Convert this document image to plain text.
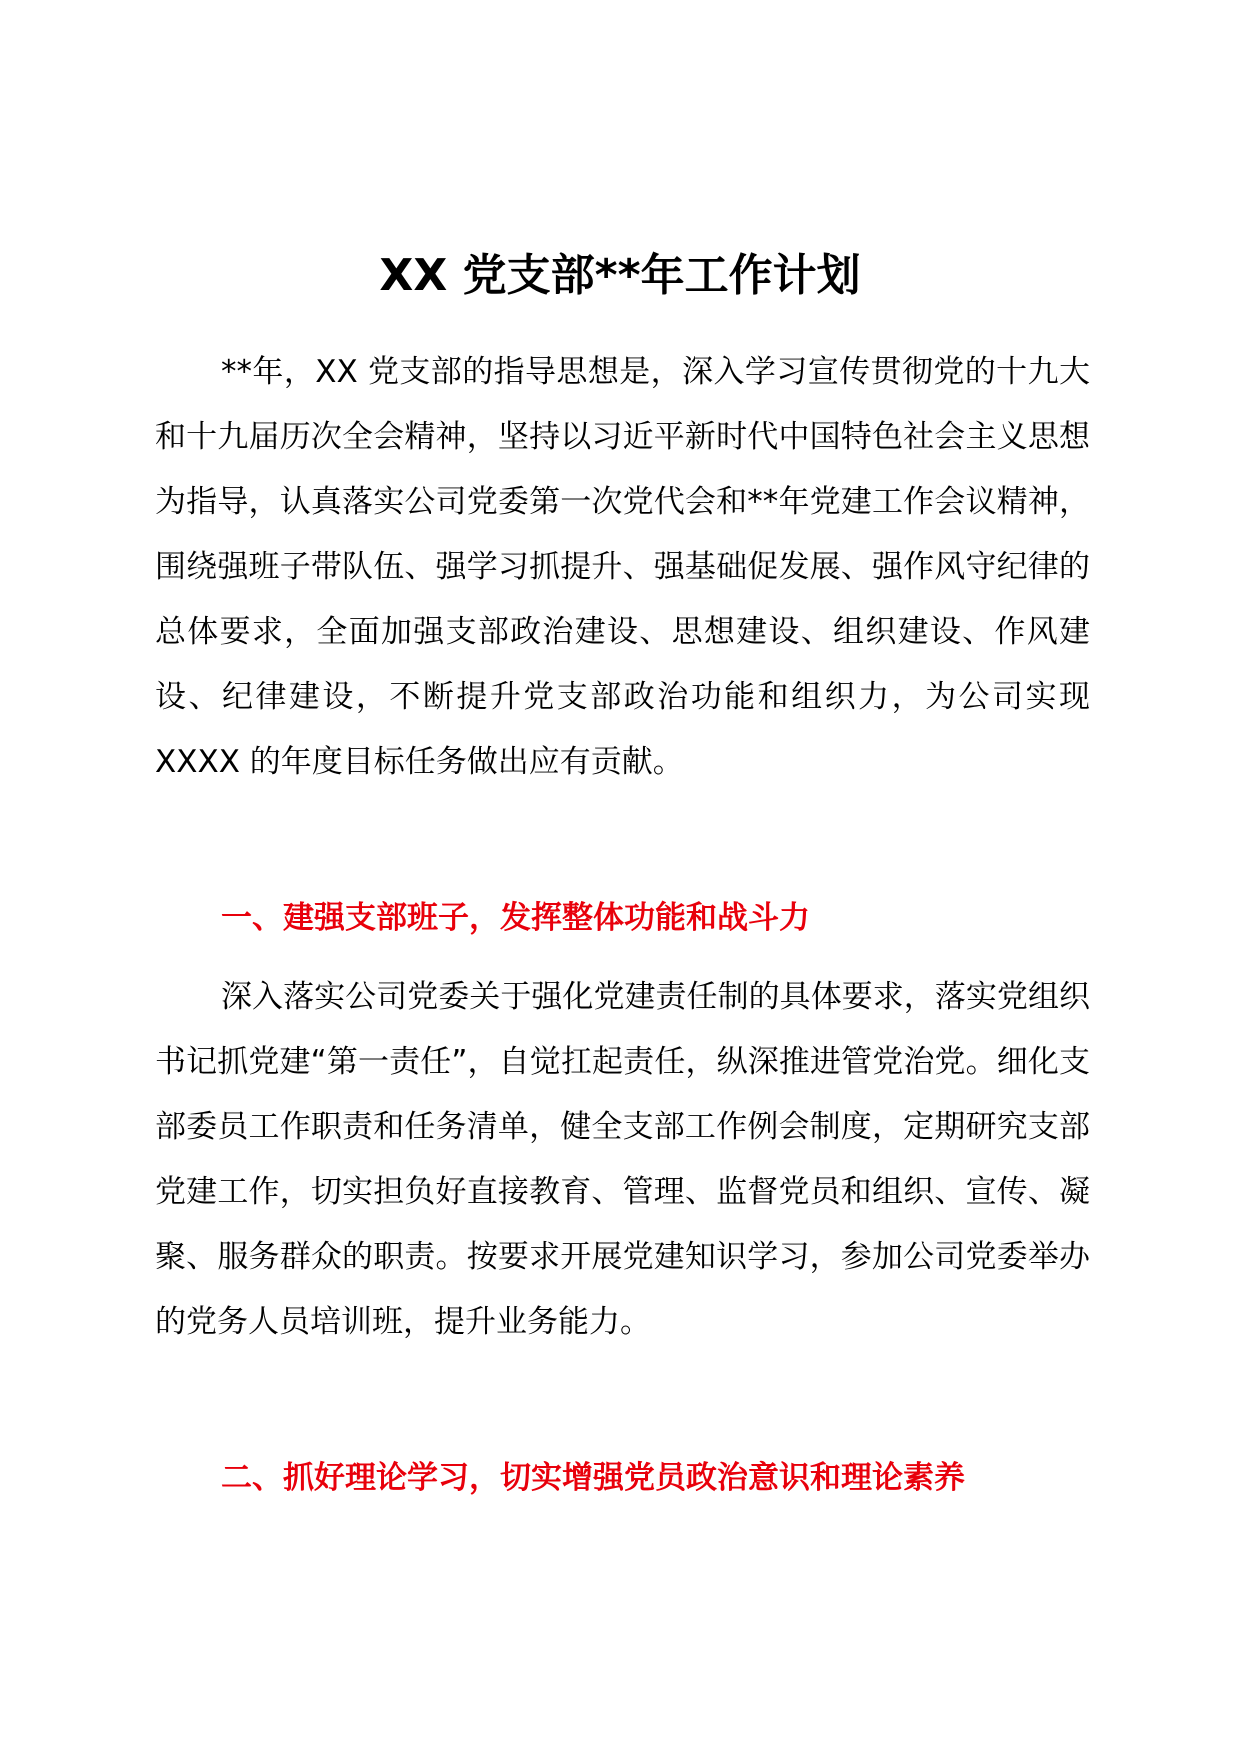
XX 党支部**年工作计划

**年，XX 党支部的指导思想是，深入学习宣传贯彻党的十九大和十九届历次全会精神，坚持以习近平新时代中国特色社会主义思想为指导，认真落实公司党委第一次党代会和**年党建工作会议精神，围绕强班子带队伍、强学习抓提升、强基础促发展、强作风守纪律的总体要求，全面加强支部政治建设、思想建设、组织建设、作风建设、纪律建设，不断提升党支部政治功能和组织力，为公司实现 XXXX 的年度目标任务做出应有贡献。

一、建强支部班子，发挥整体功能和战斗力

深入落实公司党委关于强化党建责任制的具体要求，落实党组织书记抓党建“第一责任”，自觉扛起责任，纵深推进管党治党。细化支部委员工作职责和任务清单，健全支部工作例会制度，定期研究支部党建工作，切实担负好直接教育、管理、监督党员和组织、宣传、凝聚、服务群众的职责。按要求开展党建知识学习，参加公司党委举办的党务人员培训班，提升业务能力。

二、抓好理论学习，切实增强党员政治意识和理论素养
